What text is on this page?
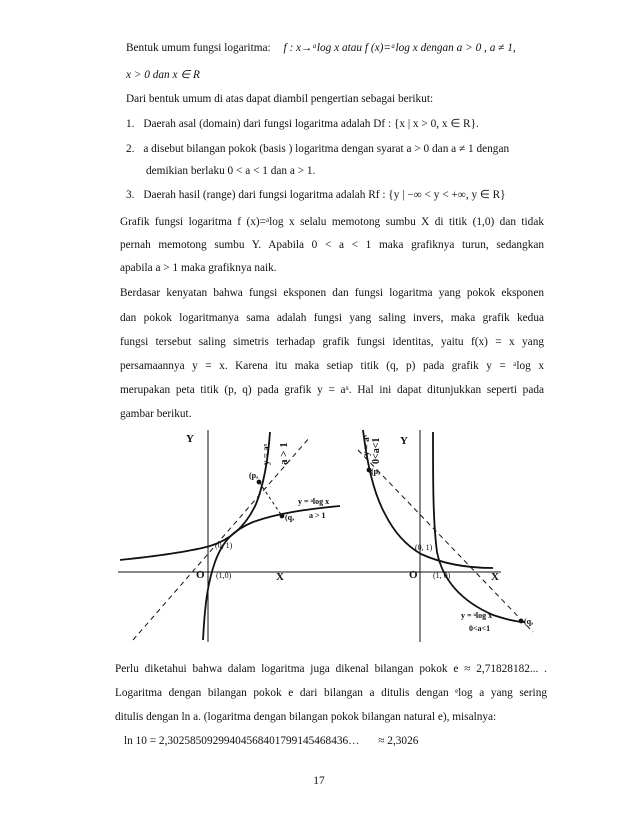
Bentuk umum fungsi logaritma: f : x→ᵃlog x atau f (x)=ᵃlog x dengan a > 0 , a ≠ 1,
x > 0 dan x ∈ R
Dari bentuk umum di atas dapat diambil pengertian sebagai berikut:
1. Daerah asal (domain) dari fungsi logaritma adalah Df : {x | x > 0, x ∈ R}.
2. a disebut bilangan pokok (basis ) logaritma dengan syarat a > 0 dan a ≠ 1 dengan
demikian berlaku 0 < a < 1 dan a > 1.
3. Daerah hasil (range) dari fungsi logaritma adalah Rf : {y | −∞ < y < +∞, y ∈ R}
Grafik fungsi logaritma f (x)=ᵃlog x selalu memotong sumbu X di titik (1,0) dan tidak
pernah memotong sumbu Y. Apabila 0 < a < 1 maka grafiknya turun, sedangkan
apabila a > 1 maka grafiknya naik.
Berdasar kenyatan bahwa fungsi eksponen dan fungsi logaritma yang pokok eksponen
dan pokok logaritmanya sama adalah fungsi yang saling invers, maka grafik kedua
fungsi tersebut saling simetris terhadap grafik fungsi identitas, yaitu f(x) = x yang
persamaannya y = x. Karena itu maka setiap titik (q, p) pada grafik y = ᵃlog x
merupakan peta titik (p, q) pada grafik y = aˣ. Hal ini dapat ditunjukkan seperti pada
gambar berikut.
Y
X
O
(0, 1)
(1,0)
(p,
(q,
y = aˣ a > 1
y = ᵃlog x
a > 1
Y
X
O
(0, 1)
(1, 0)
(p,
(q,
y = aˣ 0<a<1
y = ᵃlog x
0<a<1
Perlu diketahui bahwa dalam logaritma juga dikenal bilangan pokok e ≈ 2,71828182... .
Logaritma dengan bilangan pokok e dari bilangan a ditulis dengan ᵉlog a yang sering
ditulis dengan ln a. (logaritma dengan bilangan pokok bilangan natural e), misalnya:
ln 10 = 2,30258509299404568401799145468436… ≈ 2,3026
17
